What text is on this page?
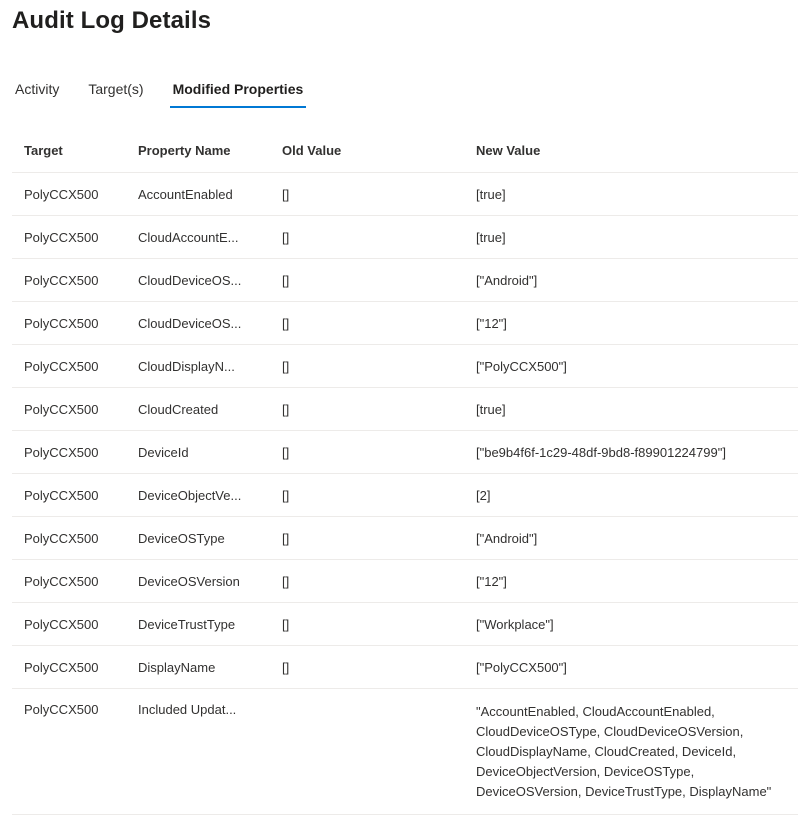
Audit Log Details
Activity Target(s) Modified Properties
Target	Property Name	Old Value	New Value
PolyCCX500	AccountEnabled	[]	[true]
PolyCCX500	CloudAccountE...	[]	[true]
PolyCCX500	CloudDeviceOS...	[]	["Android"]
PolyCCX500	CloudDeviceOS...	[]	["12"]
PolyCCX500	CloudDisplayN...	[]	["PolyCCX500"]
PolyCCX500	CloudCreated	[]	[true]
PolyCCX500	DeviceId	[]	["be9b4f6f-1c29-48df-9bd8-f89901224799"]
PolyCCX500	DeviceObjectVe...	[]	[2]
PolyCCX500	DeviceOSType	[]	["Android"]
PolyCCX500	DeviceOSVersion	[]	["12"]
PolyCCX500	DeviceTrustType	[]	["Workplace"]
PolyCCX500	DisplayName	[]	["PolyCCX500"]
PolyCCX500	Included Updat...		"AccountEnabled, CloudAccountEnabled, CloudDeviceOSType, CloudDeviceOSVersion, CloudDisplayName, CloudCreated, DeviceId, DeviceObjectVersion, DeviceOSType, DeviceOSVersion, DeviceTrustType, DisplayName"
